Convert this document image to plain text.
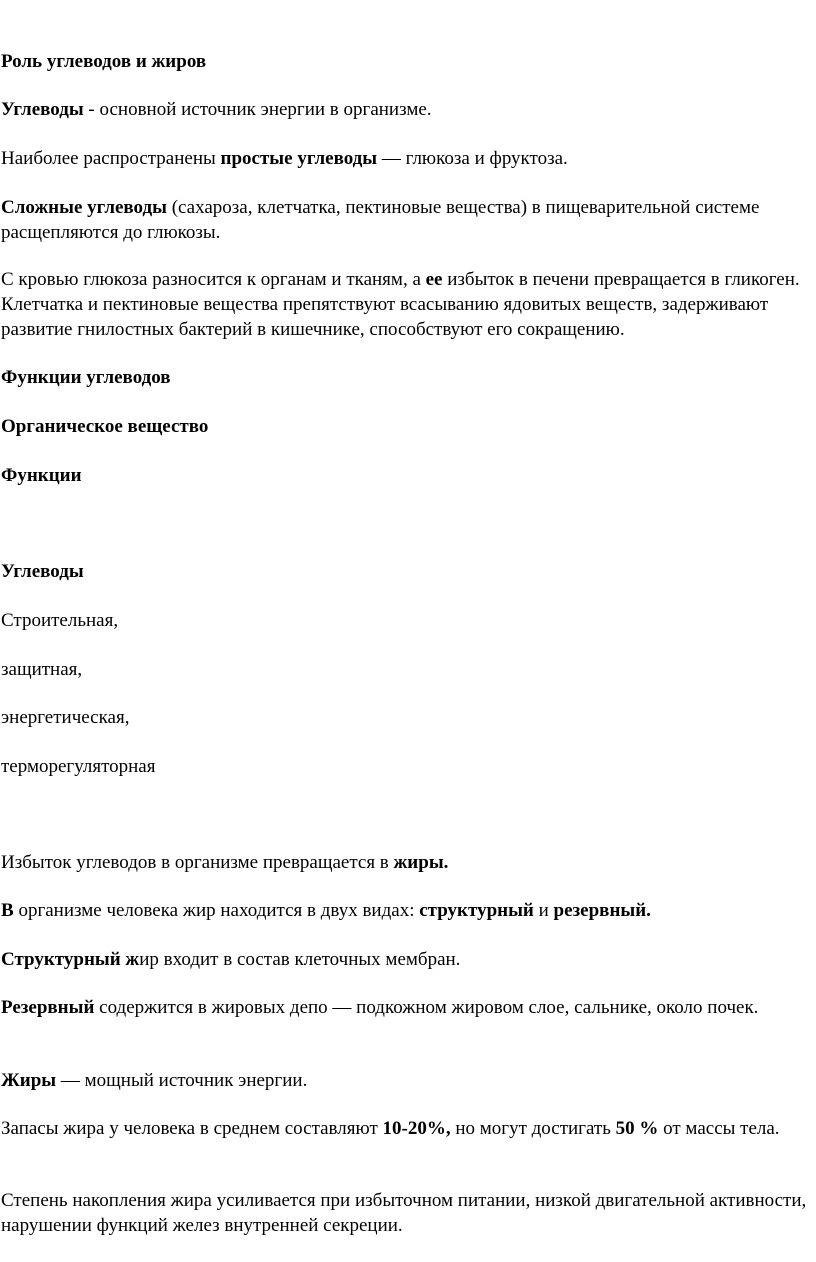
Роль углеводов и жиров

Углеводы - основной источник энергии в организме.

Наиболее распространены простые углеводы — глюкоза и фруктоза.

Сложные углеводы (сахароза, клетчатка, пектиновые вещества) в пищеварительной системе расщепляются до глюкозы.

С кровью глюкоза разносится к органам и тканям, а ее избыток в печени превращается в гликоген. Клетчатка и пектиновые вещества препятствуют всасыванию ядовитых веществ, задерживают развитие гнилостных бактерий в кишечнике, способствуют его сокращению.

Функции углеводов

Органическое вещество

Функции

Углеводы

Строительная,

защитная,

энергетическая,

терморегуляторная

Избыток углеводов в организме превращается в жиры.

В организме человека жир находится в двух видах: структурный и резервный.

Структурный жир входит в состав клеточных мембран.

Резервный содержится в жировых депо — подкожном жировом слое, сальнике, около почек.

Жиры — мощный источник энергии.

Запасы жира у человека в среднем составляют 10-20%, но могут достигать 50 % от массы тела.

Степень накопления жира усиливается при избыточном питании, низкой двигательной активности, нарушении функций желез внутренней секреции.
